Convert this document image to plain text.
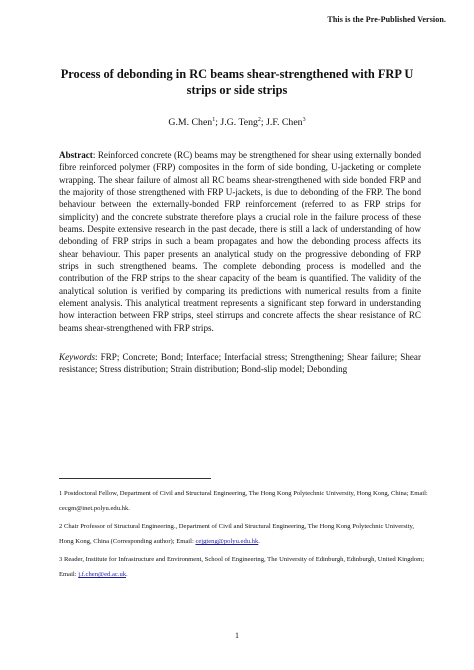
This is the Pre-Published Version.
Process of debonding in RC beams shear-strengthened with FRP U strips or side strips
G.M. Chen$^1$; J.G. Teng$^2$; J.F. Chen$^3$
Abstract: Reinforced concrete (RC) beams may be strengthened for shear using externally bonded fibre reinforced polymer (FRP) composites in the form of side bonding, U-jacketing or complete wrapping. The shear failure of almost all RC beams shear-strengthened with side bonded FRP and the majority of those strengthened with FRP U-jackets, is due to debonding of the FRP. The bond behaviour between the externally-bonded FRP reinforcement (referred to as FRP strips for simplicity) and the concrete substrate therefore plays a crucial role in the failure process of these beams. Despite extensive research in the past decade, there is still a lack of understanding of how debonding of FRP strips in such a beam propagates and how the debonding process affects its shear behaviour. This paper presents an analytical study on the progressive debonding of FRP strips in such strengthened beams. The complete debonding process is modelled and the contribution of the FRP strips to the shear capacity of the beam is quantified. The validity of the analytical solution is verified by comparing its predictions with numerical results from a finite element analysis. This analytical treatment represents a significant step forward in understanding how interaction between FRP strips, steel stirrups and concrete affects the shear resistance of RC beams shear-strengthened with FRP strips.
Keywords: FRP; Concrete; Bond; Interface; Interfacial stress; Strengthening; Shear failure; Shear resistance; Stress distribution; Strain distribution; Bond-slip model; Debonding
1 Postdoctoral Fellow, Department of Civil and Structural Engineering, The Hong Kong Polytechnic University, Hong Kong, China; Email: cecgm@inet.polyu.edu.hk.
2 Chair Professor of Structural Engineering., Department of Civil and Structural Engineering, The Hong Kong Polytechnic University, Hong Kong, China (Corresponding author); Email: cejgteng@polyu.edu.hk.
3 Reader, Institute for Infrastructure and Environment, School of Engineering, The University of Edinburgh, Edinburgh, United Kingdom; Email: j.f.chen@ed.ac.uk.
1
